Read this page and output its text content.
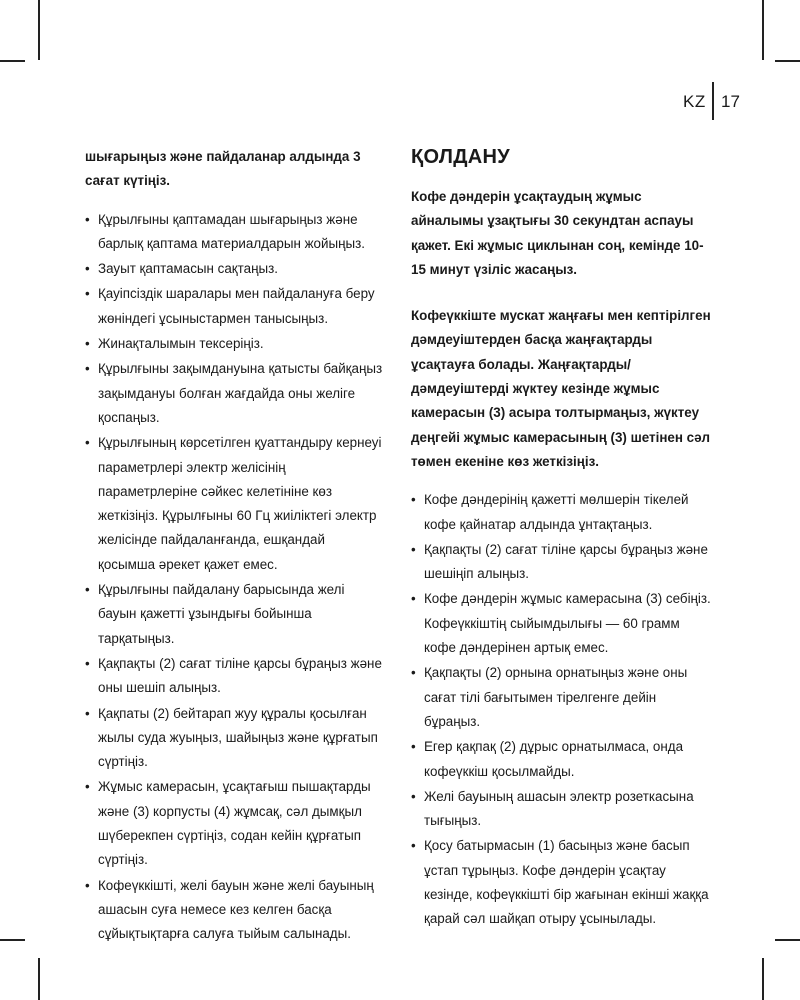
KZ 17

шығарыңыз және пайдаланар алдында 3 сағат күтіңіз.

• Құрылғыны қаптамадан шығарыңыз және барлық қаптама материалдарын жойыңыз.
• Зауыт қаптамасын сақтаңыз.
• Қауіпсіздік шаралары мен пайдалануға беру жөніндегі ұсыныстармен танысыңыз.
• Жинақталымын тексеріңіз.
• Құрылғыны зақымдануына қатысты байқаңыз зақымдануы болған жағдайда оны желіге қоспаңыз.
• Құрылғының көрсетілген қуаттандыру кернеуі параметрлері электр желісінің параметрлеріне сәйкес келетініне көз жеткізіңіз. Құрылғыны 60 Гц жиіліктегі электр желісінде пайдаланғанда, ешқандай қосымша әрекет қажет емес.
• Құрылғыны пайдалану барысында желі бауын қажетті ұзындығы бойынша тарқатыңыз.
• Қақпақты (2) сағат тіліне қарсы бұраңыз және оны шешіп алыңыз.
• Қақпаты (2) бейтарап жуу құралы қосылған жылы суда жуыңыз, шайыңыз және құрғатып сүртіңіз.
• Жұмыс камерасын, ұсақтағыш пышақтарды және (3) корпусты (4) жұмсақ, сәл дымқыл шүберекпен сүртіңіз, содан кейін құрғатып сүртіңіз.
• Кофеүккішті, желі бауын және желі бауының ашасын суға немесе кез келген басқа сұйықтықтарға салуға тыйым салынады.
ҚОЛДАНУ

Кофе дәндерін ұсақтаудың жұмыс айналымы ұзақтығы 30 секундтан аспауы қажет. Екі жұмыс циклынан соң, кемінде 10-15 минут үзіліс жасаңыз.

Кофеүккіште мускат жаңғағы мен кептірілген дәмдеуіштерден басқа жаңғақтарды ұсақтауға болады. Жаңғақтарды/дәмдеуіштерді жүктеу кезінде жұмыс камерасын (3) асыра толтырмаңыз, жүктеу деңгейі жұмыс камерасының (3) шетінен сәл төмен екеніне көз жеткізіңіз.

• Кофе дәндерінің қажетті мөлшерін тікелей кофе қайнатар алдында ұнтақтаңыз.
• Қақпақты (2) сағат тіліне қарсы бұраңыз және шешіңіп алыңыз.
• Кофе дәндерін жұмыс камерасына (3) себіңіз. Кофеүккіштің сыйымдылығы — 60 грамм кофе дәндерінен артық емес.
• Қақпақты (2) орнына орнатыңыз және оны сағат тілі бағытымен тірелгенге дейін бұраңыз.
• Егер қақпақ (2) дұрыс орнатылмаса, онда кофеүккіш қосылмайды.
• Желі бауының ашасын электр розеткасына тығыңыз.
• Қосу батырмасын (1) басыңыз және басып ұстап тұрыңыз. Кофе дәндерін ұсақтау кезінде, кофеүккішті бір жағынан екінші жаққа қарай сәл шайқап отыру ұсынылады.
